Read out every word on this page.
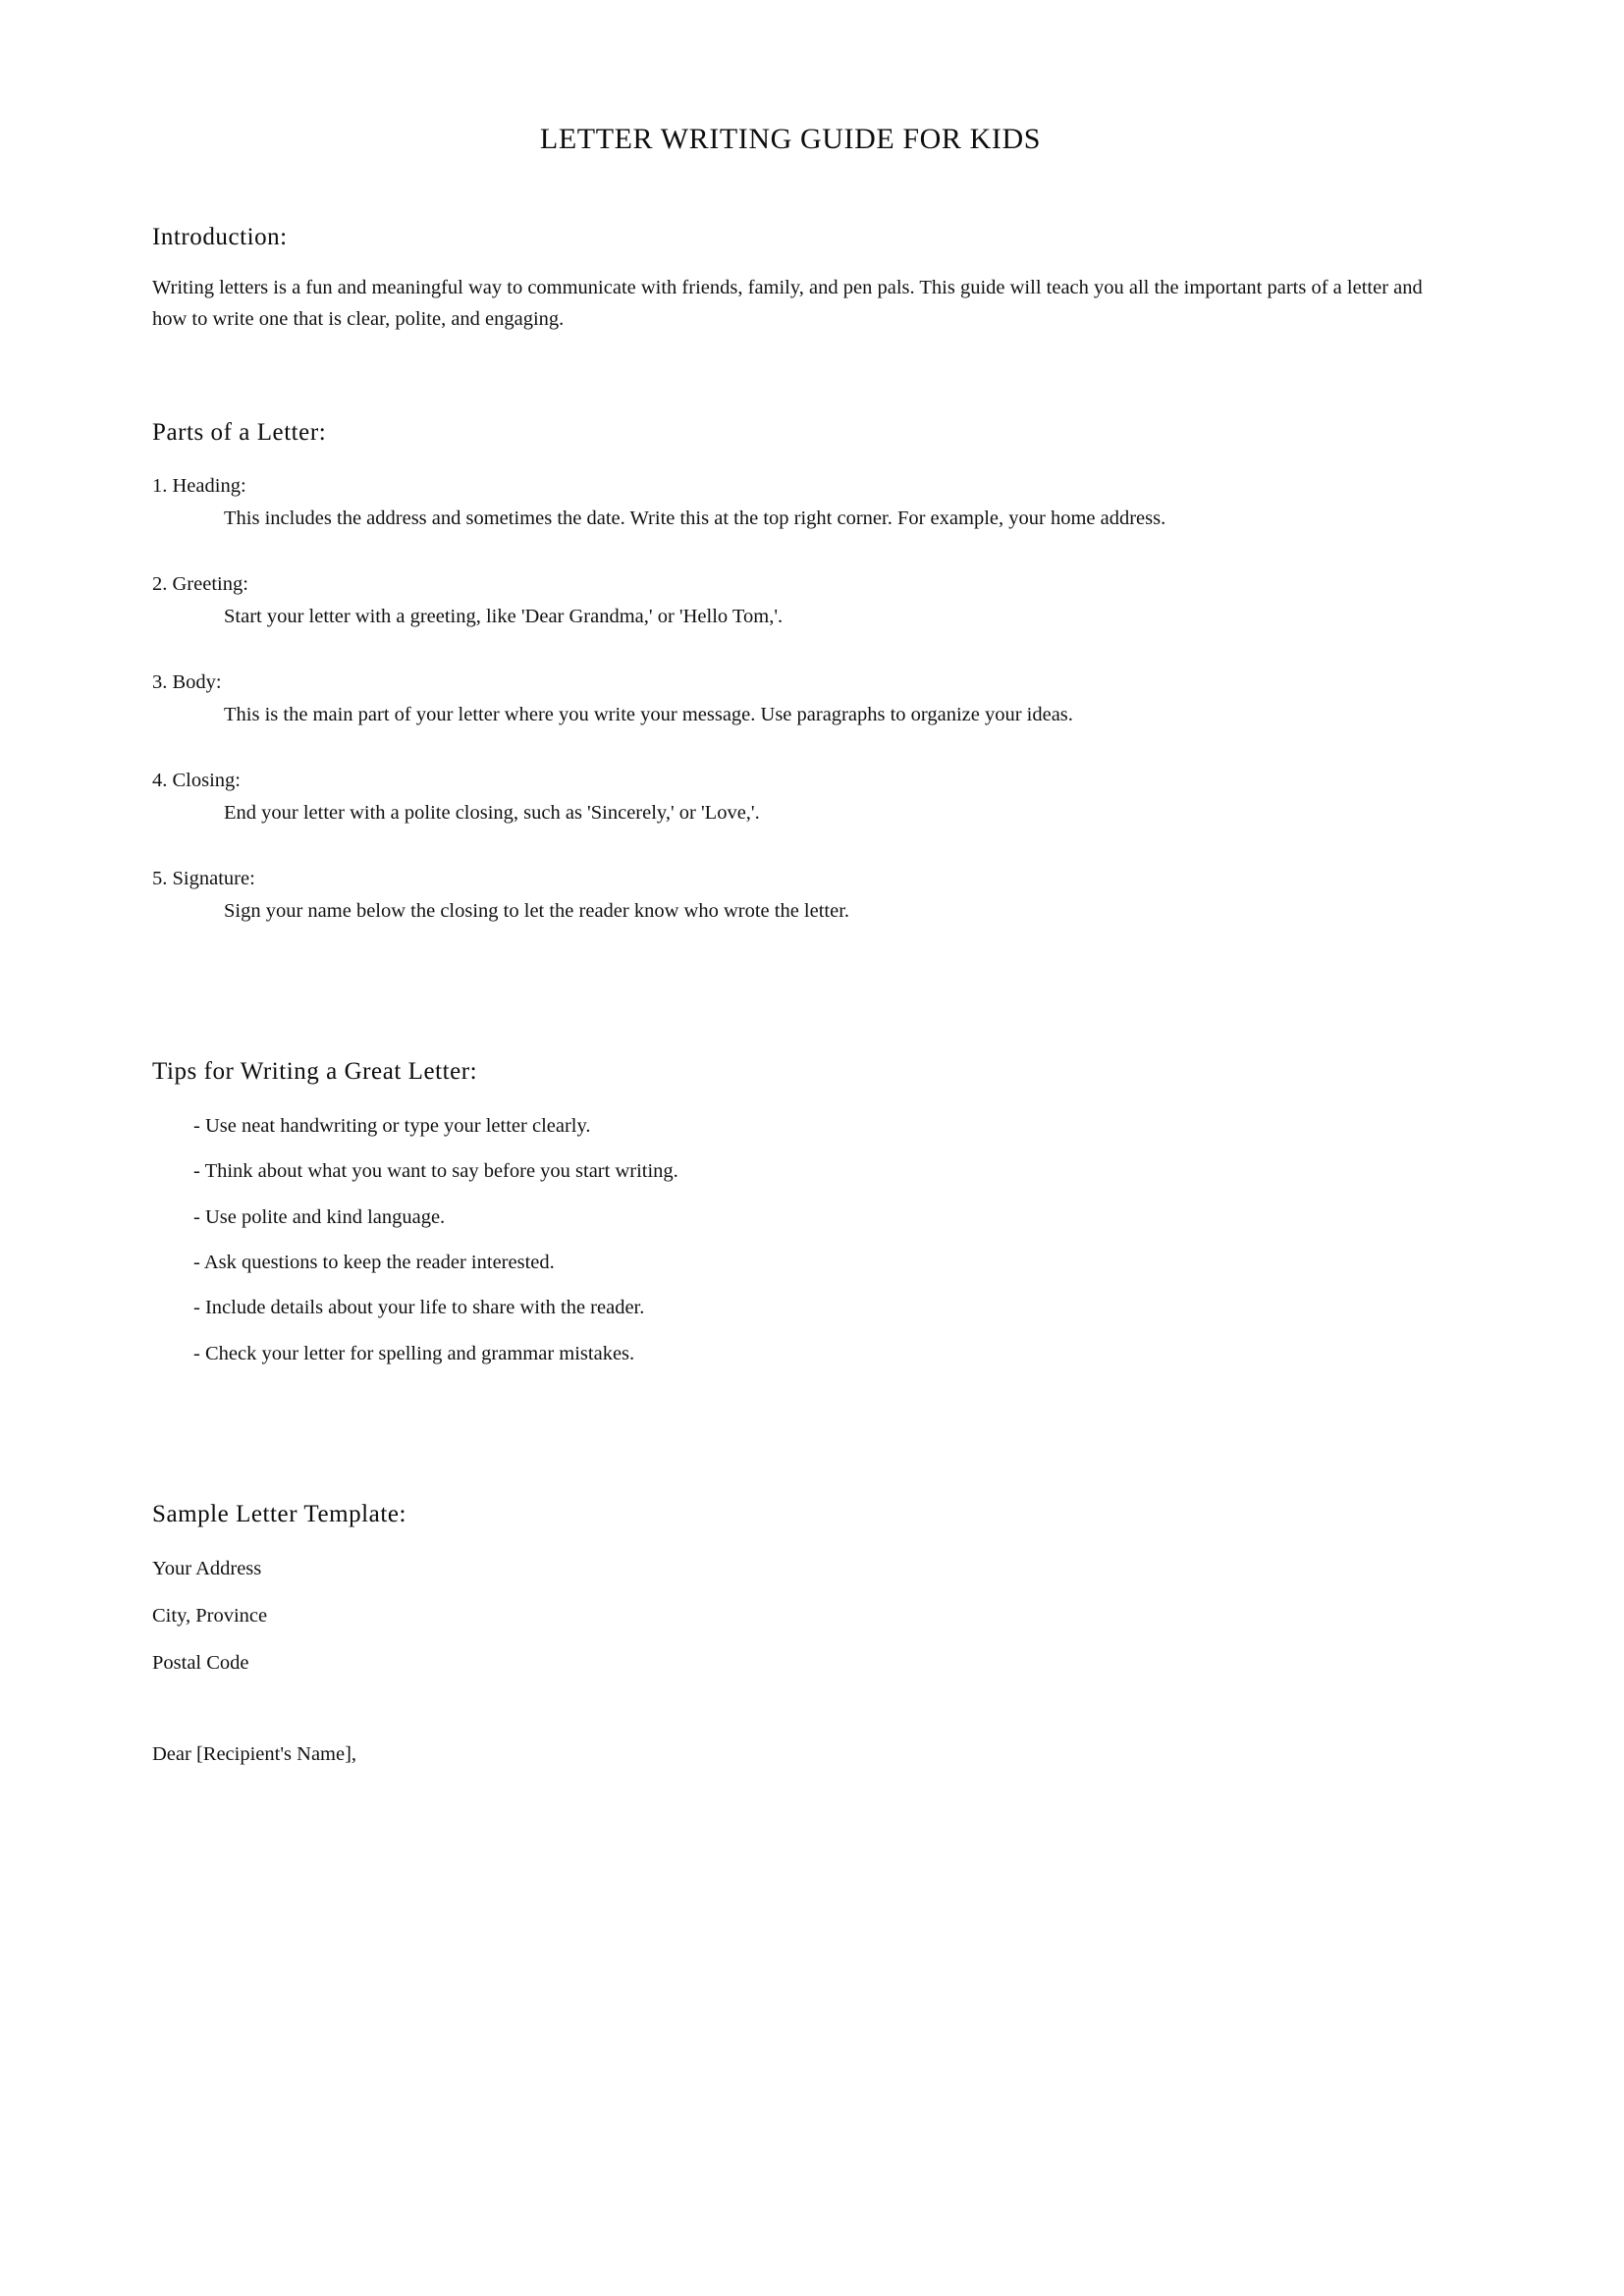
LETTER WRITING GUIDE FOR KIDS
Introduction:

Writing letters is a fun and meaningful way to communicate with friends, family, and pen pals. This guide will teach you all the important parts of a letter and how to write one that is clear, polite, and engaging.

Parts of a Letter:
1. Heading:

This includes the address and sometimes the date. Write this at the top right corner. For example, your home address.

2. Greeting:

Start your letter with a greeting, like 'Dear Grandma,' or 'Hello Tom,'.

3. Body:

This is the main part of your letter where you write your message. Use paragraphs to organize your ideas.

4. Closing:

End your letter with a polite closing, such as 'Sincerely,' or 'Love,'.

5. Signature:

Sign your name below the closing to let the reader know who wrote the letter.

Tips for Writing a Great Letter:
- Use neat handwriting or type your letter clearly.
- Think about what you want to say before you start writing.
- Use polite and kind language.
- Ask questions to keep the reader interested.
- Include details about your life to share with the reader.
- Check your letter for spelling and grammar mistakes.
Sample Letter Template:

Your Address

City, Province

Postal Code

Dear [Recipient's Name],
